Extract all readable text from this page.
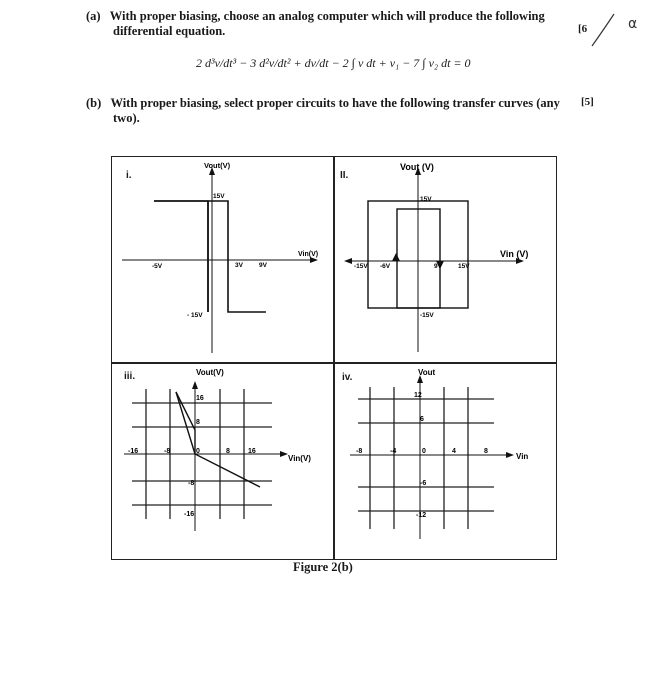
(a) With proper biasing, choose an analog computer which will produce the following
differential equation.	[6	α
2 d³v/dt³ − 3 d²v/dt² + dv/dt − 2 ∫ v dt + v₁ − 7 ∫ v₂ dt = 0
(b) With proper biasing, select proper circuits to have the following transfer curves (any
two).
[5]
i.
Vout(V)
Vin(V)
-5V	3V 9V
15V
- 15V
II.
Vout (V)
Vin (V)
-15V -6V	9V 15V
15V
-15V
iii.	Vout(V)
Vin(V)
-16	-8	0	8	16
16
8
-8
-16
iv.	Vout
Vin
-8	-4	0	4	8
12
6
-6
-12
Figure 2(b)
